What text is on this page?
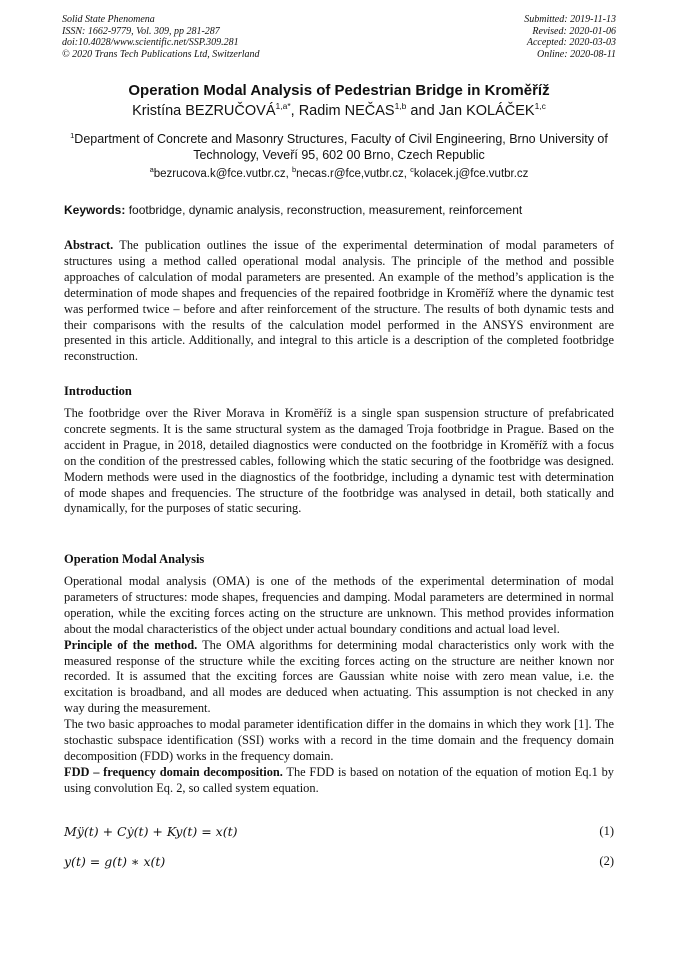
Solid State Phenomena
ISSN: 1662-9779, Vol. 309, pp 281-287
doi:10.4028/www.scientific.net/SSP.309.281
© 2020 Trans Tech Publications Ltd, Switzerland
Submitted: 2019-11-13
Revised: 2020-01-06
Accepted: 2020-03-03
Online: 2020-08-11
Operation Modal Analysis of Pedestrian Bridge in Kroměříž
Kristína $BEZRUČOVÁ^{1,a*}$, Radim NEČAS$^{1,b}$ and Jan KOLÁČEK$^{1,c}$
$^1$Department of Concrete and Masonry Structures, Faculty of Civil Engineering, Brno University of Technology, Veveří 95, 602 00 Brno, Czech Republic
$^a$bezrucova.k@fce.vutbr.cz, $^b$necas.r@fce,vutbr.cz, $^c$kolacek.j@fce.vutbr.cz
Keywords: footbridge, dynamic analysis, reconstruction, measurement, reinforcement

Abstract. The publication outlines the issue of the experimental determination of modal parameters of structures using a method called operational modal analysis. The principle of the method and possible approaches of calculation of modal parameters are presented. An example of the method’s application is the determination of mode shapes and frequencies of the repaired footbridge in Kroměříž where the dynamic test was performed twice – before and after reinforcement of the structure. The results of both dynamic tests and their comparisons with the results of the calculation model performed in the ANSYS environment are presented in this article. Additionally, and integral to this article is a description of the completed footbridge reconstruction.

Introduction

The footbridge over the River Morava in Kroměříž is a single span suspension structure of prefabricated concrete segments. It is the same structural system as the damaged Troja footbridge in Prague. Based on the accident in Prague, in 2018, detailed diagnostics were conducted on the footbridge in Kroměříž with a focus on the condition of the prestressed cables, following which the static securing of the footbridge was designed. Modern methods were used in the diagnostics of the footbridge, including a dynamic test with determination of mode shapes and frequencies. The structure of the footbridge was analysed in detail, both statically and dynamically, for the purposes of static securing.

Operation Modal Analysis

Operational modal analysis (OMA) is one of the methods of the experimental determination of modal parameters of structures: mode shapes, frequencies and damping. Modal parameters are determined in normal operation, while the exciting forces acting on the structure are unknown. This method provides information about the modal characteristics of the object under actual boundary conditions and actual load level.

Principle of the method. The OMA algorithms for determining modal characteristics only work with the measured response of the structure while the exciting forces acting on the structure are neither known nor recorded. It is assumed that the exciting forces are Gaussian white noise with zero mean value, i.e. the excitation is broadband, and all modes are deduced when actuating. This assumption is not checked in any way during the measurement.

The two basic approaches to modal parameter identification differ in the domains in which they work [1]. The stochastic subspace identification (SSI) works with a record in the time domain and the frequency domain decomposition (FDD) works in the frequency domain.

FDD – frequency domain decomposition. The FDD is based on notation of the equation of motion Eq.1 by using convolution Eq. 2, so called system equation.

Mÿ(t) + Cẏ(t) + Ky(t) = x(t)	(1)
y(t) = g(t) ∗ x(t)	(2)
